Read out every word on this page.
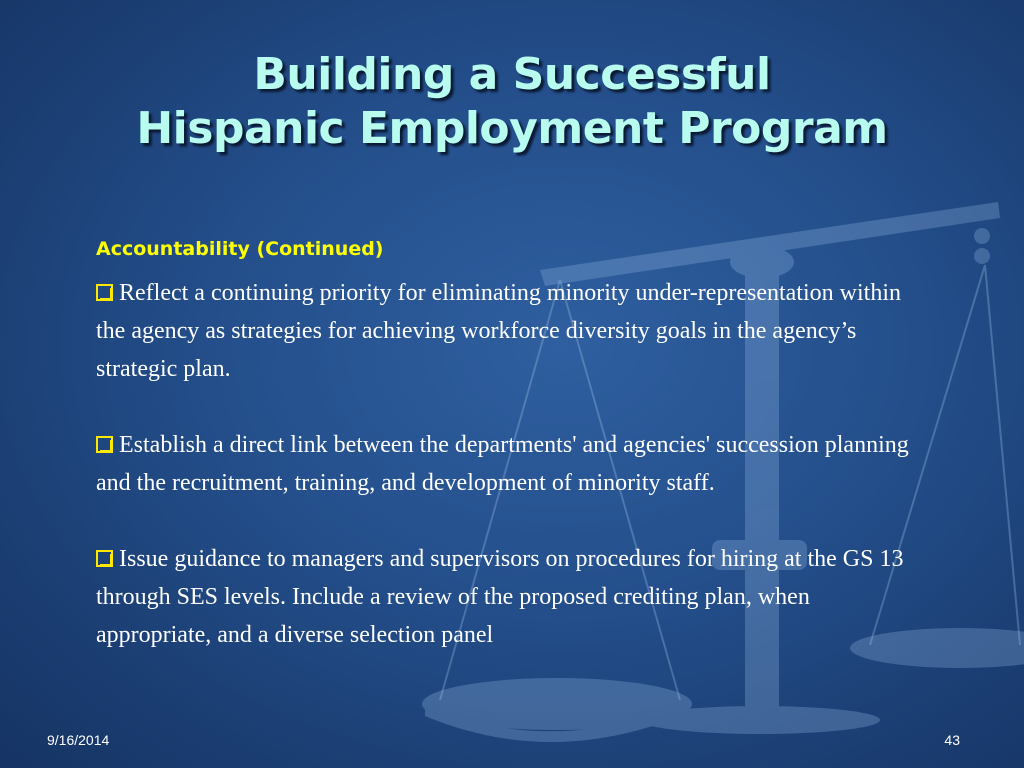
Building a Successful
Hispanic Employment Program
Accountability (Continued)
Reflect a continuing priority for eliminating minority under-representation within the agency as strategies for achieving workforce diversity goals in the agency’s strategic plan.
Establish a direct link between the departments' and agencies' succession planning and the recruitment, training, and development of minority staff.
Issue guidance to managers and supervisors on procedures for hiring at the GS 13 through SES levels. Include a review of the proposed crediting plan, when appropriate, and a diverse selection panel
9/16/2014	43
